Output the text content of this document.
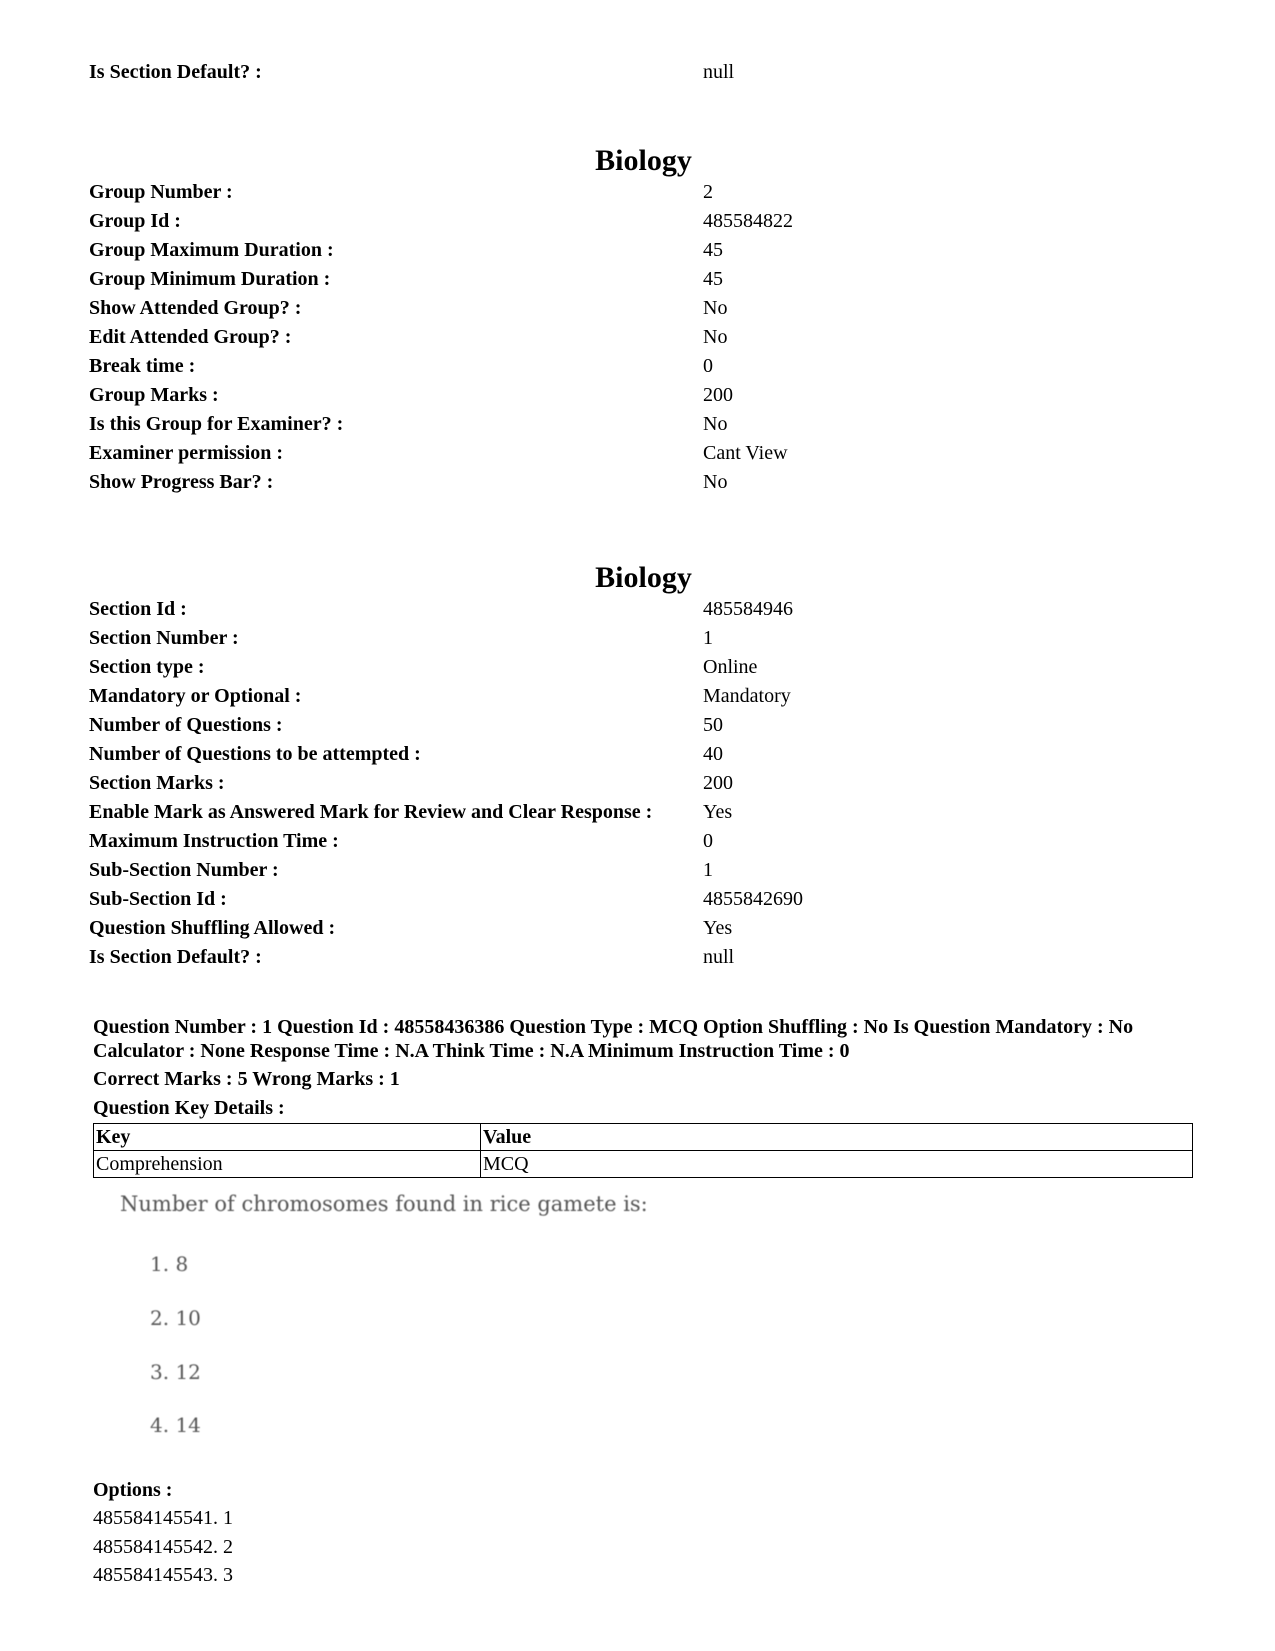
Is Section Default? :	null
Biology
Group Number :	2
Group Id :	485584822
Group Maximum Duration :	45
Group Minimum Duration :	45
Show Attended Group? :	No
Edit Attended Group? :	No
Break time :	0
Group Marks :	200
Is this Group for Examiner? :	No
Examiner permission :	Cant View
Show Progress Bar? :	No
Biology
Section Id :	485584946
Section Number :	1
Section type :	Online
Mandatory or Optional :	Mandatory
Number of Questions :	50
Number of Questions to be attempted :	40
Section Marks :	200
Enable Mark as Answered Mark for Review and Clear Response :	Yes
Maximum Instruction Time :	0
Sub-Section Number :	1
Sub-Section Id :	4855842690
Question Shuffling Allowed :	Yes
Is Section Default? :	null
Question Number : 1 Question Id : 48558436386 Question Type : MCQ Option Shuffling : No Is Question Mandatory : No
Calculator : None Response Time : N.A Think Time : N.A Minimum Instruction Time : 0
Correct Marks : 5 Wrong Marks : 1
Question Key Details :
Key	Value
Comprehension	MCQ
Number of chromosomes found in rice gamete is:
1. 8
2. 10
3. 12
4. 14
Options :
485584145541. 1
485584145542. 2
485584145543. 3
